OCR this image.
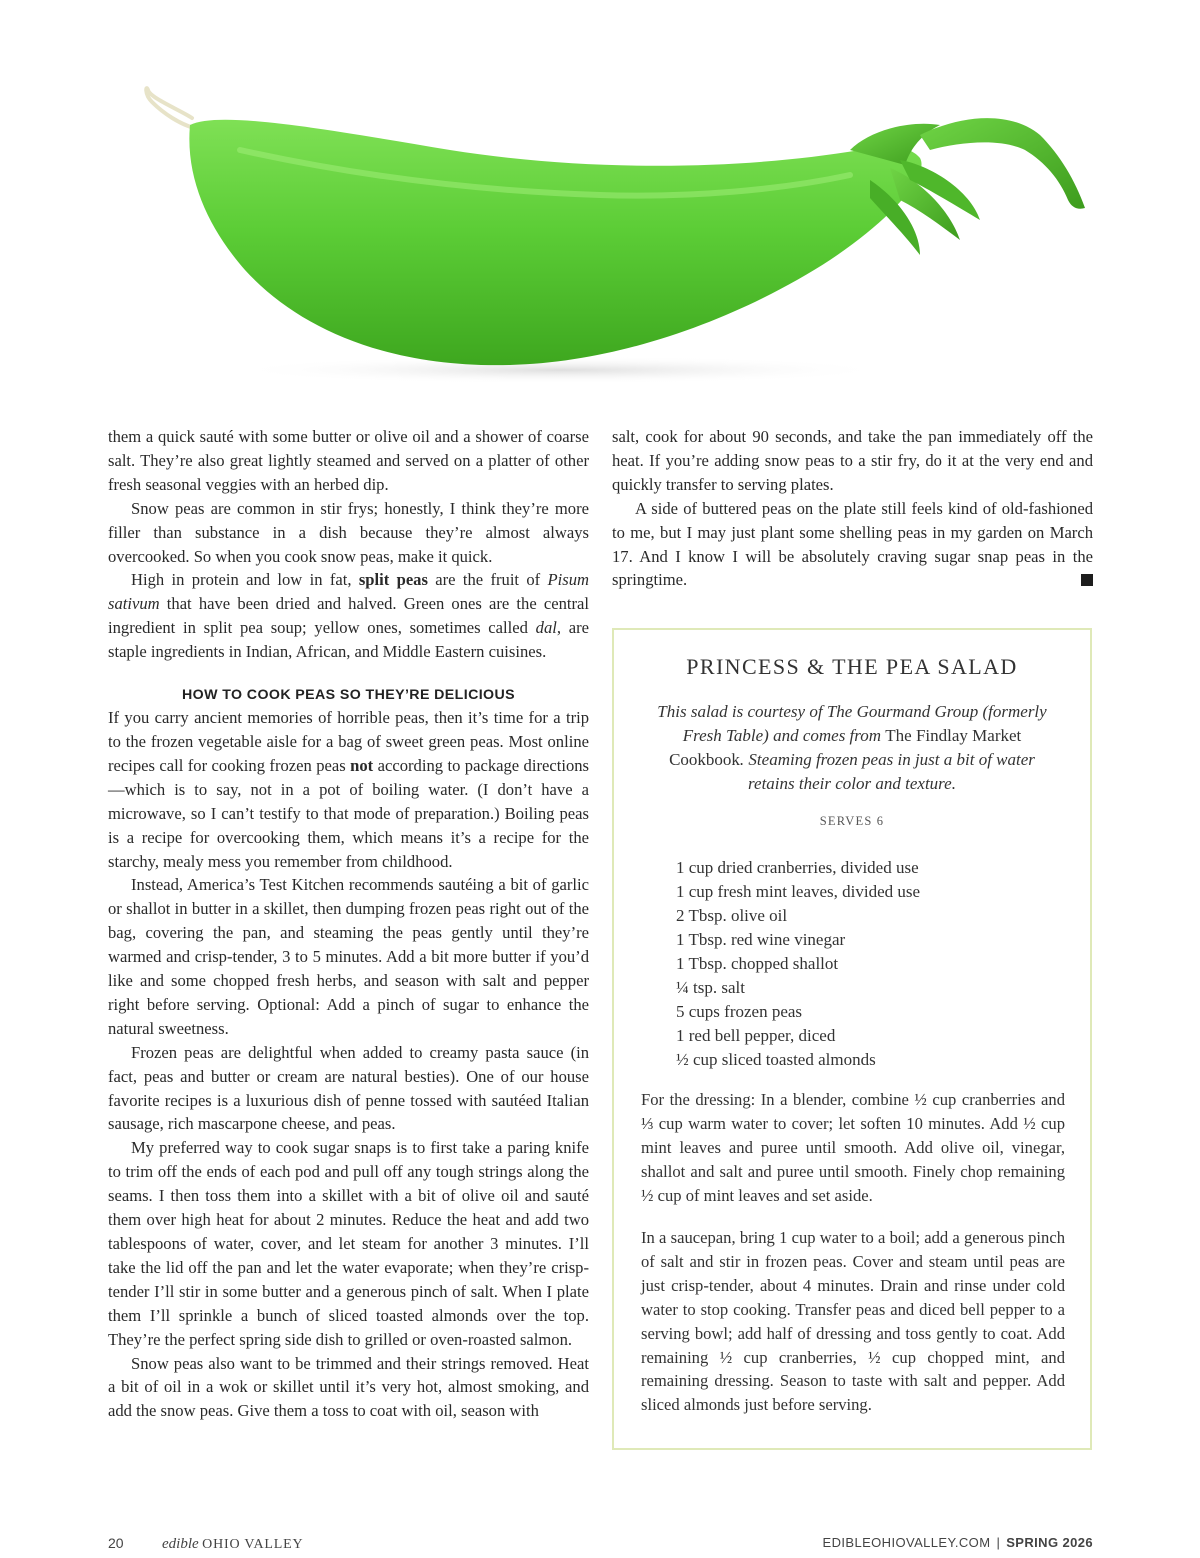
them a quick sauté with some butter or olive oil and a shower of coarse salt. They’re also great lightly steamed and served on a platter of other fresh seasonal veggies with an herbed dip.

Snow peas are common in stir frys; honestly, I think they’re more filler than substance in a dish because they’re almost always overcooked. So when you cook snow peas, make it quick.

High in protein and low in fat, split peas are the fruit of Pisum sativum that have been dried and halved. Green ones are the central ingredient in split pea soup; yellow ones, sometimes called dal, are staple ingredients in Indian, African, and Middle Eastern cuisines.

HOW TO COOK PEAS SO THEY’RE DELICIOUS

If you carry ancient memories of horrible peas, then it’s time for a trip to the frozen vegetable aisle for a bag of sweet green peas. Most online recipes call for cooking frozen peas not according to package directions—which is to say, not in a pot of boiling water. (I don’t have a microwave, so I can’t testify to that mode of preparation.) Boiling peas is a recipe for overcooking them, which means it’s a recipe for the starchy, mealy mess you remember from childhood.

Instead, America’s Test Kitchen recommends sautéing a bit of garlic or shallot in butter in a skillet, then dumping frozen peas right out of the bag, covering the pan, and steaming the peas gently until they’re warmed and crisp-tender, 3 to 5 minutes. Add a bit more butter if you’d like and some chopped fresh herbs, and season with salt and pepper right before serving. Optional: Add a pinch of sugar to enhance the natural sweetness.

Frozen peas are delightful when added to creamy pasta sauce (in fact, peas and butter or cream are natural besties). One of our house favorite recipes is a luxurious dish of penne tossed with sautéed Italian sausage, rich mascarpone cheese, and peas.

My preferred way to cook sugar snaps is to first take a paring knife to trim off the ends of each pod and pull off any tough strings along the seams. I then toss them into a skillet with a bit of olive oil and sauté them over high heat for about 2 minutes. Reduce the heat and add two tablespoons of water, cover, and let steam for another 3 minutes. I’ll take the lid off the pan and let the water evaporate; when they’re crisp-tender I’ll stir in some butter and a generous pinch of salt. When I plate them I’ll sprinkle a bunch of sliced toasted almonds over the top. They’re the perfect spring side dish to grilled or oven-roasted salmon.

Snow peas also want to be trimmed and their strings removed. Heat a bit of oil in a wok or skillet until it’s very hot, almost smoking, and add the snow peas. Give them a toss to coat with oil, season with

salt, cook for about 90 seconds, and take the pan immediately off the heat. If you’re adding snow peas to a stir fry, do it at the very end and quickly transfer to serving plates.

A side of buttered peas on the plate still feels kind of old-fashioned to me, but I may just plant some shelling peas in my garden on March 17. And I know I will be absolutely craving sugar snap peas in the springtime.

PRINCESS & THE PEA SALAD
This salad is courtesy of The Gourmand Group (formerly Fresh Table) and comes from The Findlay Market Cookbook. Steaming frozen peas in just a bit of water retains their color and texture.
SERVES 6
1 cup dried cranberries, divided use
1 cup fresh mint leaves, divided use
2 Tbsp. olive oil
1 Tbsp. red wine vinegar
1 Tbsp. chopped shallot
¼ tsp. salt
5 cups frozen peas
1 red bell pepper, diced
½ cup sliced toasted almonds

For the dressing: In a blender, combine ½ cup cranberries and ⅓ cup warm water to cover; let soften 10 minutes. Add ½ cup mint leaves and puree until smooth. Add olive oil, vinegar, shallot and salt and puree until smooth. Finely chop remaining ½ cup of mint leaves and set aside.

In a saucepan, bring 1 cup water to a boil; add a generous pinch of salt and stir in frozen peas. Cover and steam until peas are just crisp-tender, about 4 minutes. Drain and rinse under cold water to stop cooking. Transfer peas and diced bell pepper to a serving bowl; add half of dressing and toss gently to coat. Add remaining ½ cup cranberries, ½ cup chopped mint, and remaining dressing. Season to taste with salt and pepper. Add sliced almonds just before serving.

20	edible OHIO VALLEY	EDIBLEOHIOVALLEY.COM | SPRING 2026
